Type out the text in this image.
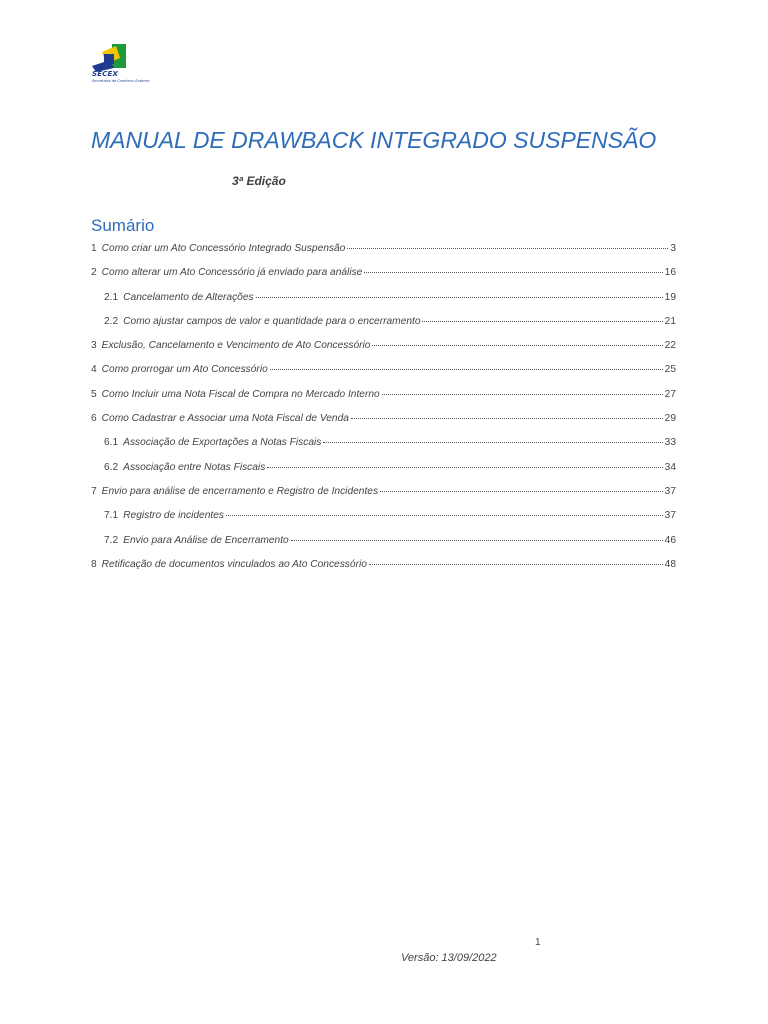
SECEX
Secretaria de Comércio Exterior
MANUAL DE DRAWBACK INTEGRADO SUSPENSÃO
3ª Edição
Sumário
1 Como criar um Ato Concessório Integrado Suspensão	3
2 Como alterar um Ato Concessório já enviado para análise	16
2.1 Cancelamento de Alterações	19
2.2 Como ajustar campos de valor e quantidade para o encerramento	21
3 Exclusão, Cancelamento e Vencimento de Ato Concessório	22
4 Como prorrogar um Ato Concessório	25
5 Como Incluir uma Nota Fiscal de Compra no Mercado Interno	27
6 Como Cadastrar e Associar uma Nota Fiscal de Venda	29
6.1 Associação de Exportações a Notas Fiscais	33
6.2 Associação entre Notas Fiscais	34
7 Envio para análise de encerramento e Registro de Incidentes	37
7.1 Registro de incidentes	37
7.2 Envio para Análise de Encerramento	46
8 Retificação de documentos vinculados ao Ato Concessório	48
1
Versão: 13/09/2022
